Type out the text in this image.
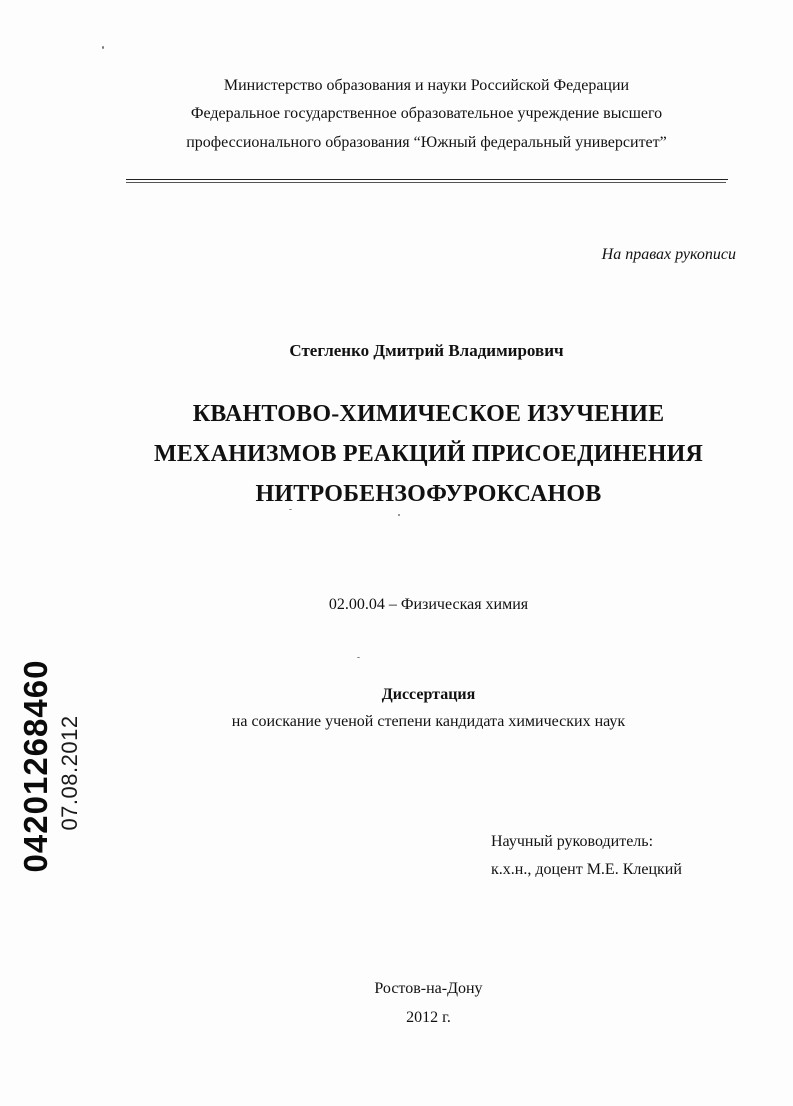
Министерство образования и науки Российской Федерации
Федеральное государственное образовательное учреждение высшего
профессионального образования “Южный федеральный университет”
На правах рукописи
Стегленко Дмитрий Владимирович
КВАНТОВО-ХИМИЧЕСКОЕ ИЗУЧЕНИЕ
МЕХАНИЗМОВ РЕАКЦИЙ ПРИСОЕДИНЕНИЯ
НИТРОБЕНЗОФУРОКСАНОВ
02.00.04 – Физическая химия
Диссертация
на соискание ученой степени кандидата химических наук
Научный руководитель:
к.х.н., доцент М.Е. Клецкий
Ростов-на-Дону
2012 г.
04201268460 07.08.2012
